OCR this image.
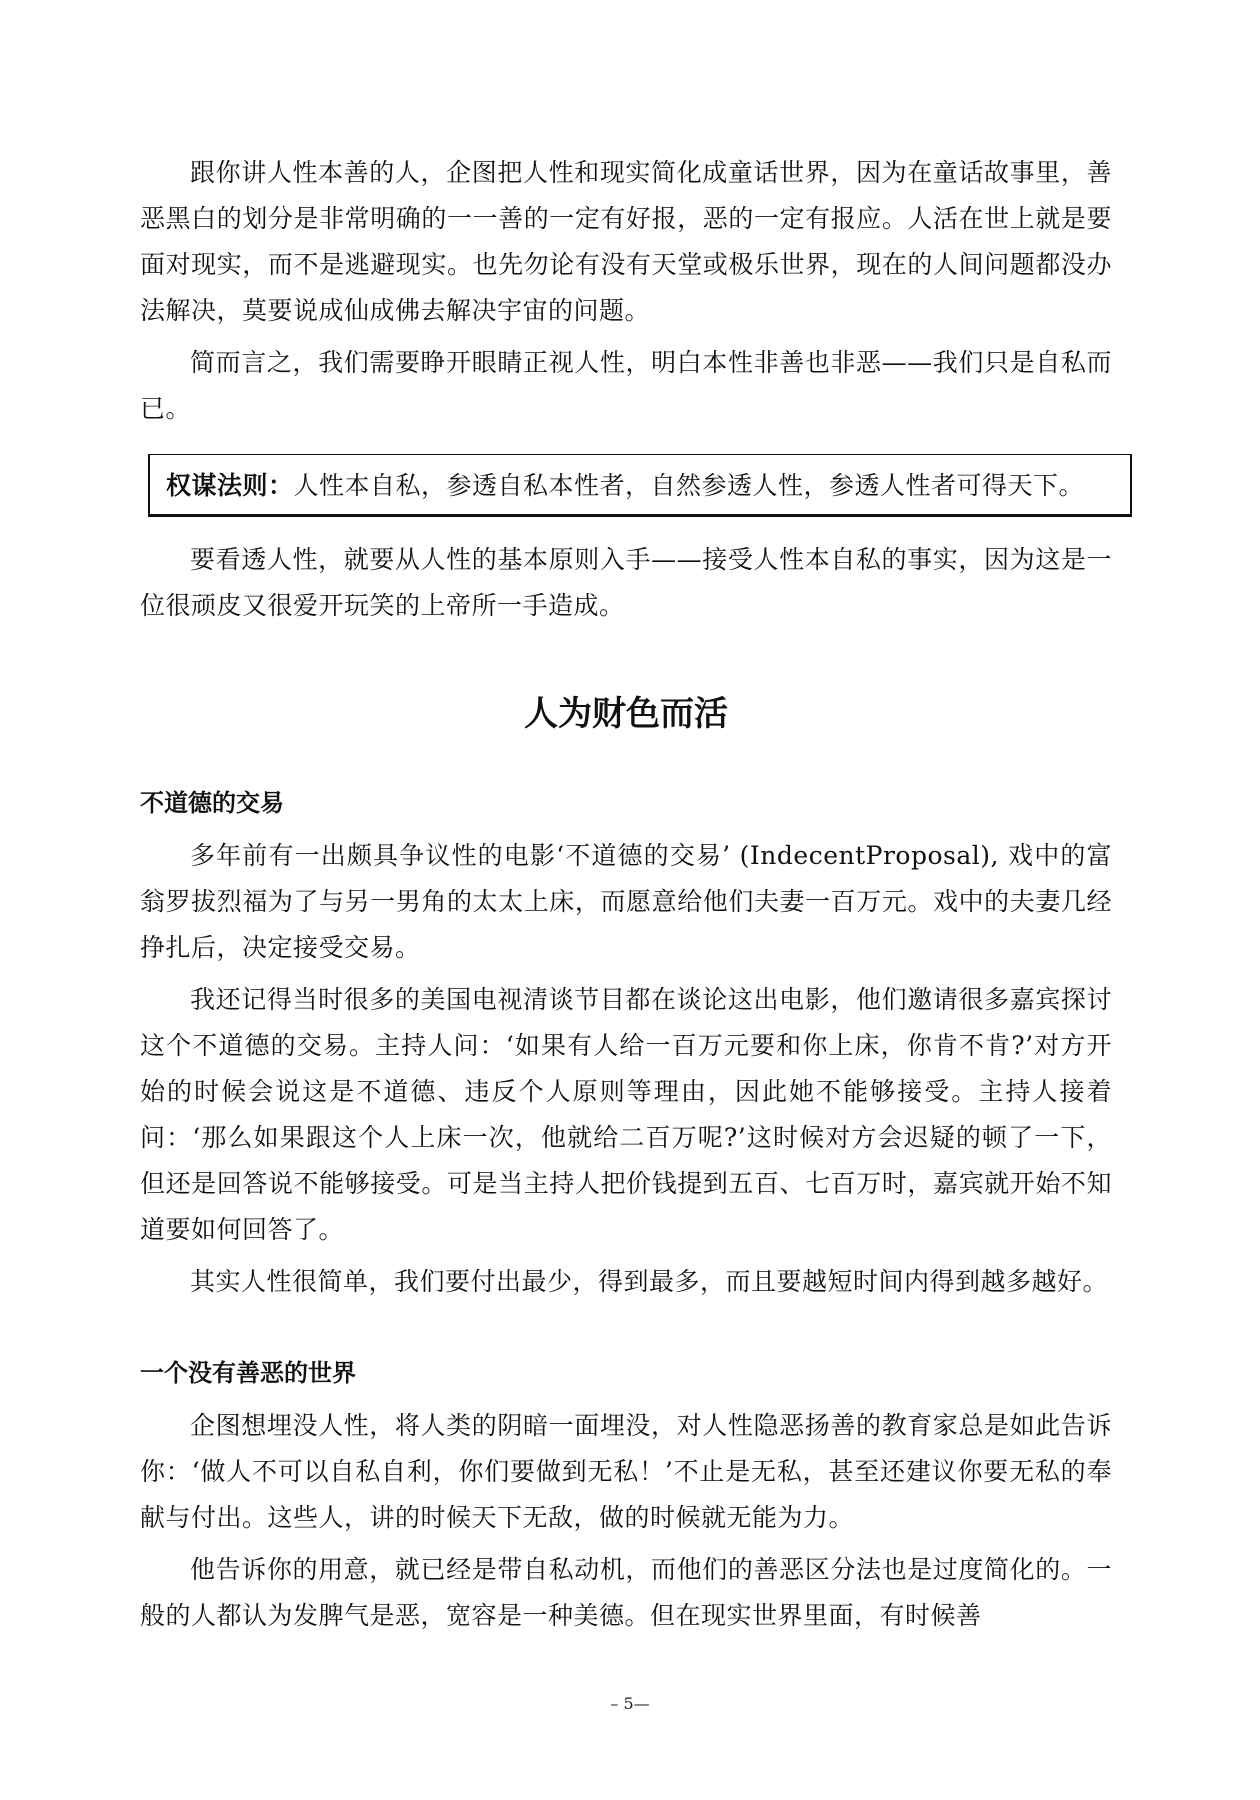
跟你讲人性本善的人，企图把人性和现实简化成童话世界，因为在童话故事里，善恶黑白的划分是非常明确的一一善的一定有好报，恶的一定有报应。人活在世上就是要面对现实，而不是逃避现实。也先勿论有没有天堂或极乐世界，现在的人间问题都没办法解决，莫要说成仙成佛去解决宇宙的问题。

简而言之，我们需要睁开眼睛正视人性，明白本性非善也非恶——我们只是自私而已。

权谋法则：人性本自私，参透自私本性者，自然参透人性，参透人性者可得天下。

要看透人性，就要从人性的基本原则入手——接受人性本自私的事实，因为这是一位很顽皮又很爱开玩笑的上帝所一手造成。

人为财色而活
不道德的交易

多年前有一出颇具争议性的电影‘不道德的交易’ (IndecentProposal), 戏中的富翁罗拔烈福为了与另一男角的太太上床，而愿意给他们夫妻一百万元。戏中的夫妻几经挣扎后，决定接受交易。

我还记得当时很多的美国电视清谈节目都在谈论这出电影，他们邀请很多嘉宾探讨这个不道德的交易。主持人问：‘如果有人给一百万元要和你上床，你肯不肯?’对方开始的时候会说这是不道德、违反个人原则等理由，因此她不能够接受。主持人接着问：‘那么如果跟这个人上床一次，他就给二百万呢?’这时候对方会迟疑的顿了一下，但还是回答说不能够接受。可是当主持人把价钱提到五百、七百万时，嘉宾就开始不知道要如何回答了。

其实人性很简单，我们要付出最少，得到最多，而且要越短时间内得到越多越好。

一个没有善恶的世界

企图想埋没人性，将人类的阴暗一面埋没，对人性隐恶扬善的教育家总是如此告诉你：‘做人不可以自私自利，你们要做到无私！’不止是无私，甚至还建议你要无私的奉献与付出。这些人，讲的时候天下无敌，做的时候就无能为力。

他告诉你的用意，就已经是带自私动机，而他们的善恶区分法也是过度简化的。一般的人都认为发脾气是恶，宽容是一种美德。但在现实世界里面，有时候善

– 5—
